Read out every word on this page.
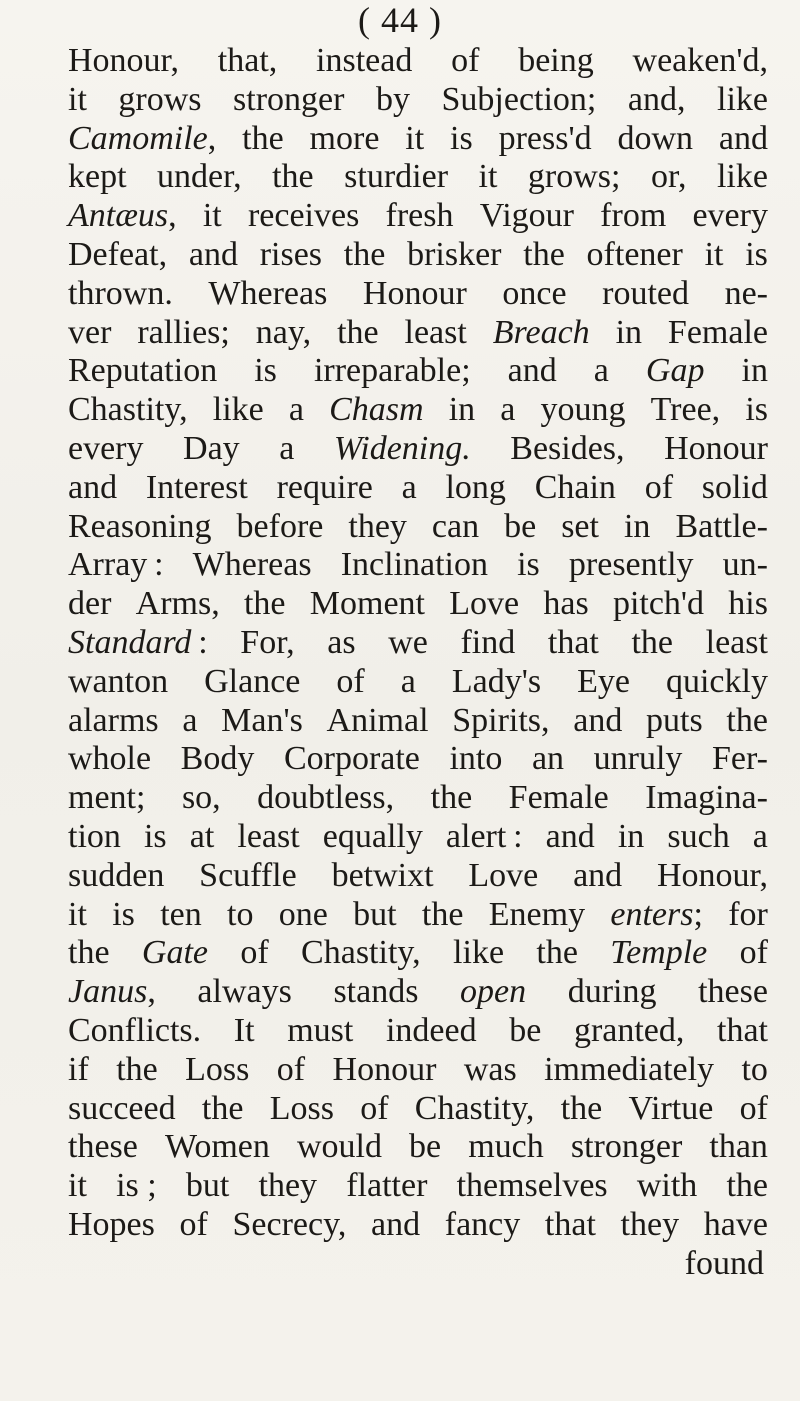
( 44 )
Honour, that, instead of being weaken'd,
it grows stronger by Subjection; and, like
Camomile, the more it is press'd down and
kept under, the sturdier it grows; or, like
Antæus, it receives fresh Vigour from every
Defeat, and rises the brisker the oftener it is
thrown. Whereas Honour once routed ne-
ver rallies; nay, the least Breach in Female
Reputation is irreparable; and a Gap in
Chastity, like a Chasm in a young Tree, is
every Day a Widening. Besides, Honour
and Interest require a long Chain of solid
Reasoning before they can be set in Battle-
Array : Whereas Inclination is presently un-
der Arms, the Moment Love has pitch'd his
Standard : For, as we find that the least
wanton Glance of a Lady's Eye quickly
alarms a Man's Animal Spirits, and puts the
whole Body Corporate into an unruly Fer-
ment; so, doubtless, the Female Imagina-
tion is at least equally alert : and in such a
sudden Scuffle betwixt Love and Honour,
it is ten to one but the Enemy enters; for
the Gate of Chastity, like the Temple of
Janus, always stands open during these
Conflicts. It must indeed be granted, that
if the Loss of Honour was immediately to
succeed the Loss of Chastity, the Virtue of
these Women would be much stronger than
it is ; but they flatter themselves with the
Hopes of Secrecy, and fancy that they have
found
